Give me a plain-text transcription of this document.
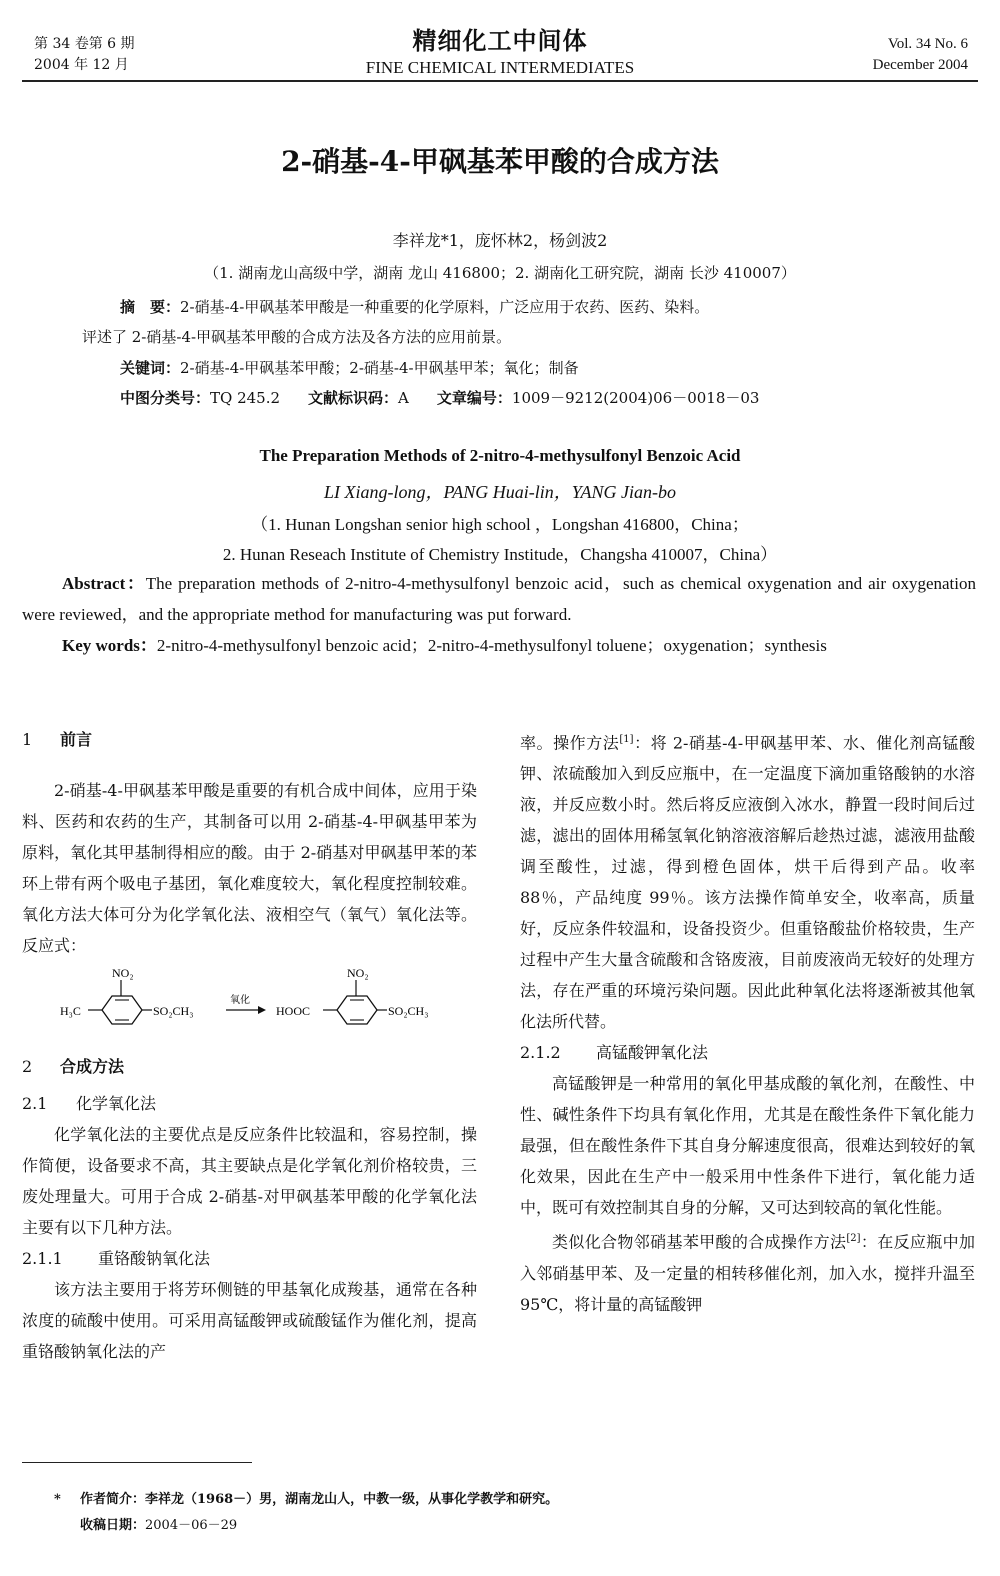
第 34 卷第 6 期
2004 年 12 月
精细化工中间体
FINE CHEMICAL INTERMEDIATES
Vol. 34 No. 6
December 2004
2-硝基-4-甲砜基苯甲酸的合成方法
李祥龙*1，庞怀林2，杨剑波2
（1. 湖南龙山高级中学，湖南 龙山 416800；2. 湖南化工研究院，湖南 长沙 410007）
摘　要：2-硝基-4-甲砜基苯甲酸是一种重要的化学原料，广泛应用于农药、医药、染料。
评述了 2-硝基-4-甲砜基苯甲酸的合成方法及各方法的应用前景。
关键词：2-硝基-4-甲砜基苯甲酸；2-硝基-4-甲砜基甲苯；氧化；制备
中图分类号：TQ 245.2 文献标识码：A 文章编号：1009－9212(2004)06－0018－03
The Preparation Methods of 2-nitro-4-methysulfonyl Benzoic Acid
LI Xiang-long，PANG Huai-lin，YANG Jian-bo
（1. Hunan Longshan senior high school ，Longshan 416800，China；
2. Hunan Reseach Institute of Chemistry Institude，Changsha 410007，China）
Abstract：The preparation methods of 2-nitro-4-methysulfonyl benzoic acid，such as chemical oxygenation and air oxygenation were reviewed，and the appropriate method for manufacturing was put forward.
Key words：2-nitro-4-methysulfonyl benzoic acid；2-nitro-4-methysulfonyl toluene；oxygenation；synthesis
1 前言

2-硝基-4-甲砜基苯甲酸是重要的有机合成中间体，应用于染料、医药和农药的生产，其制备可以用 2-硝基-4-甲砜基甲苯为原料，氧化其甲基制得相应的酸。由于 2-硝基对甲砜基甲苯的苯环上带有两个吸电子基团，氧化难度较大，氧化程度控制较难。氧化方法大体可分为化学氧化法、液相空气（氧气）氧化法等。反应式：

NO₂
H₃C	SO₂CH₃
氧化
NO₂
HOOC	SO₂CH₃
2 合成方法
2.1 化学氧化法

化学氧化法的主要优点是反应条件比较温和，容易控制，操作简便，设备要求不高，其主要缺点是化学氧化剂价格较贵，三废处理量大。可用于合成 2-硝基-对甲砜基苯甲酸的化学氧化法主要有以下几种方法。

2.1.1 重铬酸钠氧化法

该方法主要用于将芳环侧链的甲基氧化成羧基，通常在各种浓度的硫酸中使用。可采用高锰酸钾或硫酸锰作为催化剂，提高重铬酸钠氧化法的产

率。操作方法[1]：将 2-硝基-4-甲砜基甲苯、水、催化剂高锰酸钾、浓硫酸加入到反应瓶中，在一定温度下滴加重铬酸钠的水溶液，并反应数小时。然后将反应液倒入冰水，静置一段时间后过滤，滤出的固体用稀氢氧化钠溶液溶解后趁热过滤，滤液用盐酸调至酸性，过滤，得到橙色固体，烘干后得到产品。收率 88％，产品纯度 99％。该方法操作简单安全，收率高，质量好，反应条件较温和，设备投资少。但重铬酸盐价格较贵，生产过程中产生大量含硫酸和含铬废液，目前废液尚无较好的处理方法，存在严重的环境污染问题。因此此种氧化法将逐渐被其他氧化法所代替。

2.1.2 高锰酸钾氧化法

高锰酸钾是一种常用的氧化甲基成酸的氧化剂，在酸性、中性、碱性条件下均具有氧化作用，尤其是在酸性条件下氧化能力最强，但在酸性条件下其自身分解速度很高，很难达到较好的氧化效果，因此在生产中一般采用中性条件下进行，氧化能力适中，既可有效控制其自身的分解，又可达到较高的氧化性能。

类似化合物邻硝基苯甲酸的合成操作方法[2]：在反应瓶中加入邻硝基甲苯、及一定量的相转移催化剂，加入水，搅拌升温至 95℃，将计量的高锰酸钾

* 作者简介：李祥龙（1968－）男，湖南龙山人，中教一级，从事化学教学和研究。
收稿日期：2004－06－29
